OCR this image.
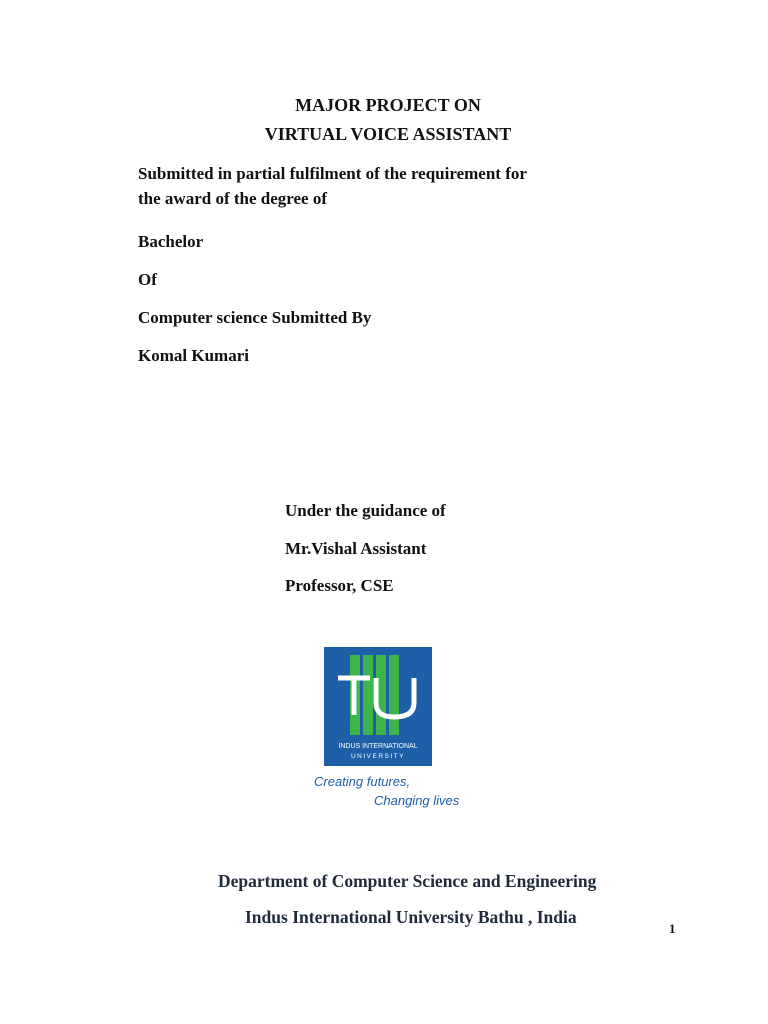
MAJOR PROJECT ON

VIRTUAL VOICE ASSISTANT

Submitted in partial fulfilment of the requirement for

the award of the degree of

Bachelor

Of

Computer science Submitted By

Komal Kumari

Under the guidance of

Mr.Vishal Assistant

Professor, CSE

INDUS INTERNATIONAL
UNIVERSITY
Creating futures,
Changing lives

Department of Computer Science and Engineering

Indus International University Bathu , India

1
